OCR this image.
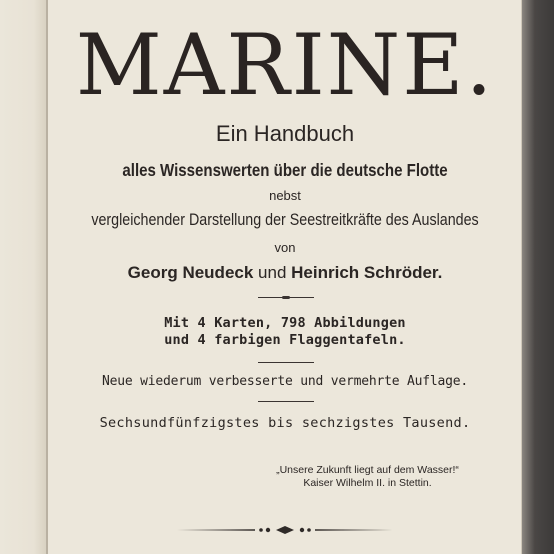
MARINE.
Ein Handbuch
alles Wissenswerten über die deutsche Flotte
nebst
vergleichender Darstellung der Seestreitkräfte des Auslandes
von
Georg Neudeck und Heinrich Schröder.
Mit 4 Karten, 798 Abbildungen
und 4 farbigen Flaggentafeln.
Neue wiederum verbesserte und vermehrte Auflage.
Sechsundfünfzigstes bis sechzigstes Tausend.
„Unsere Zukunft liegt auf dem Wasser!“
Kaiser Wilhelm II. in Stettin.
